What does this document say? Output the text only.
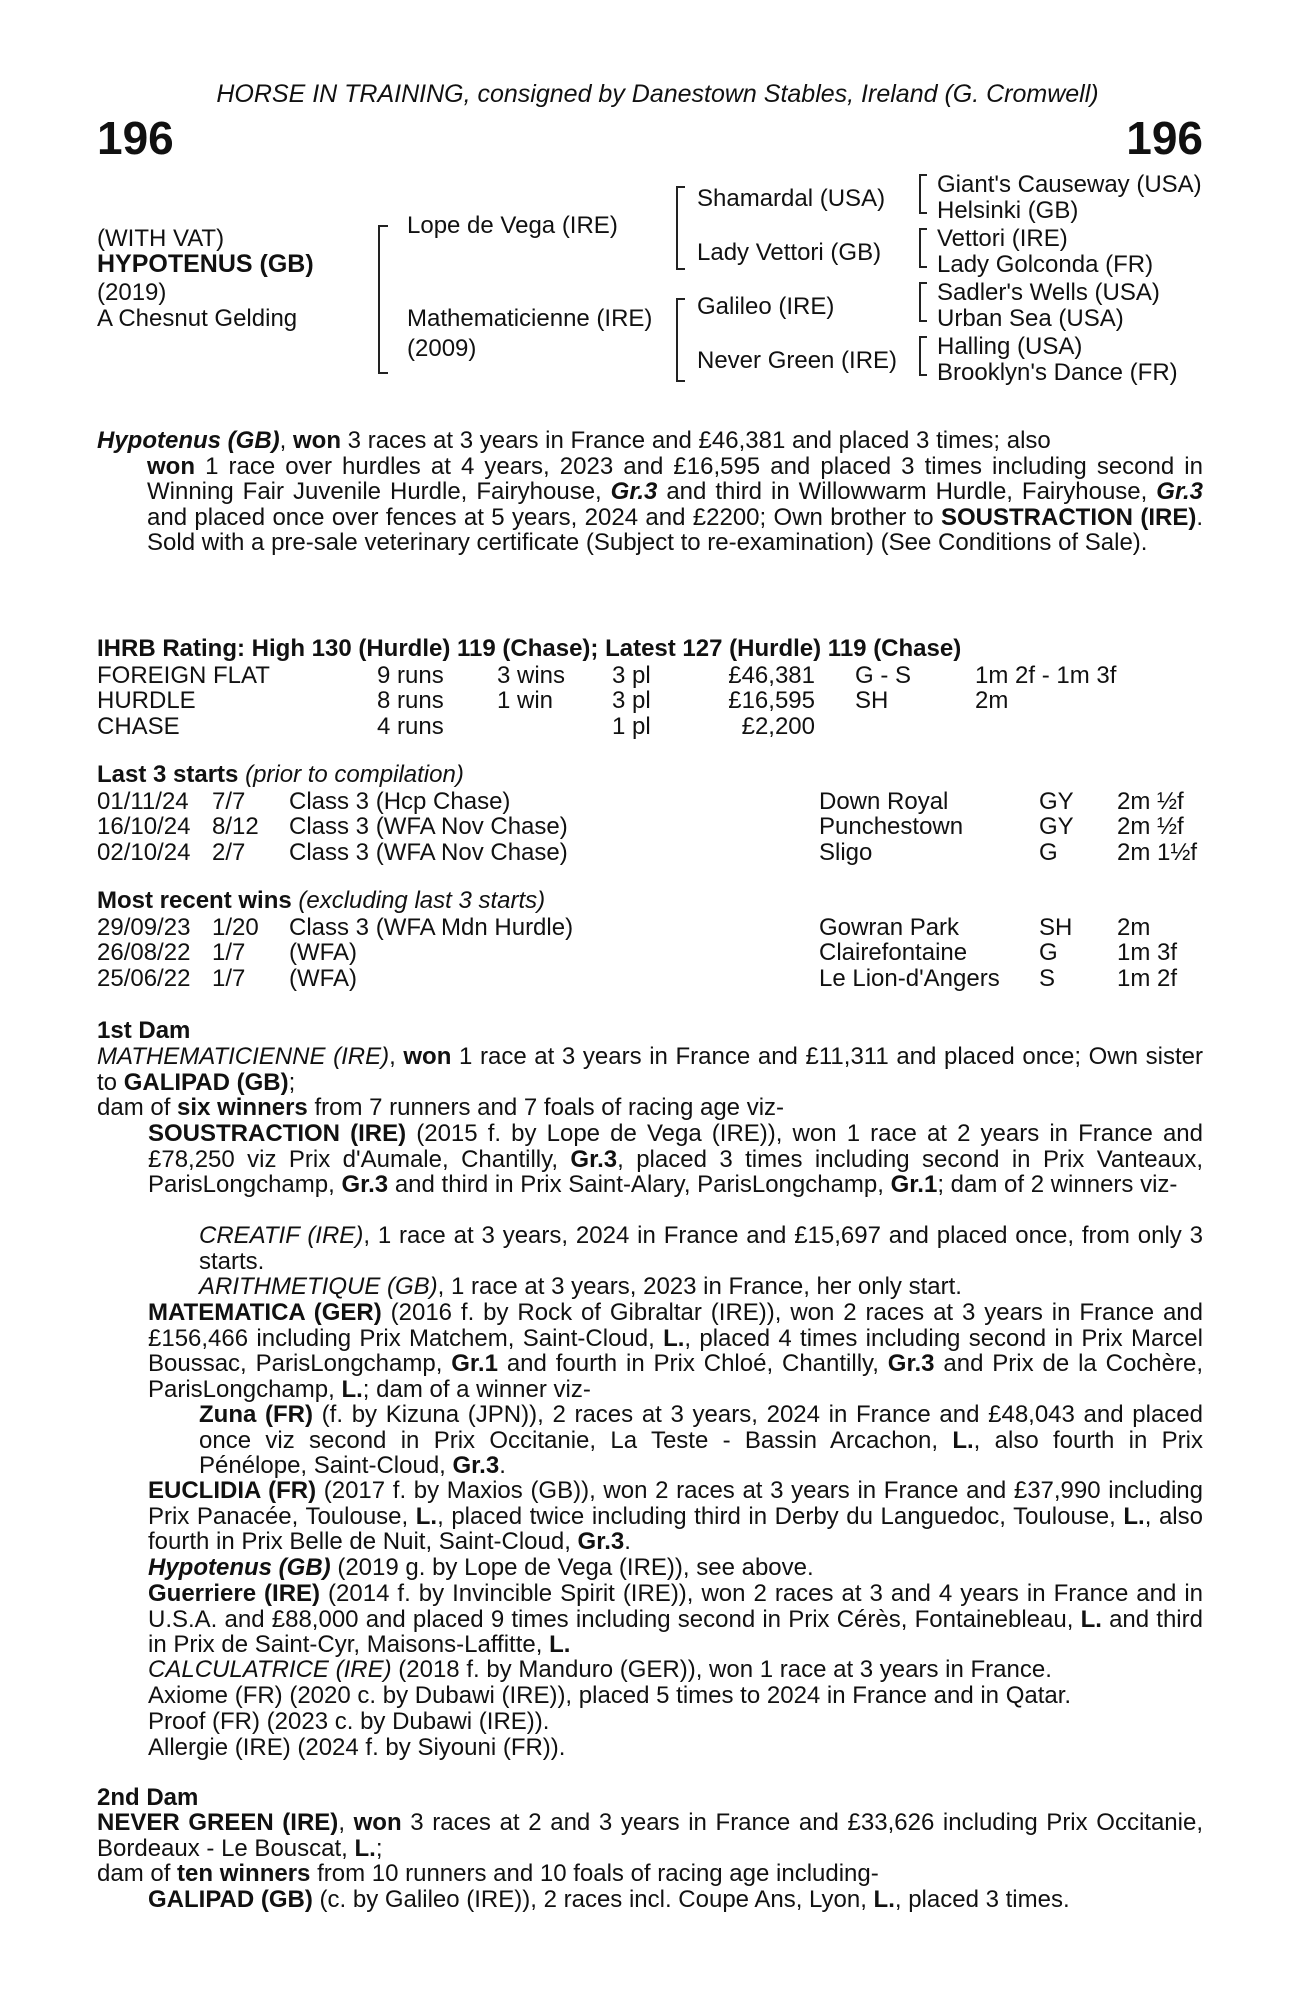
HORSE IN TRAINING, consigned by Danestown Stables, Ireland (G. Cromwell)
196	196
(WITH VAT)
HYPOTENUS (GB)
(2019)
A Chesnut Gelding
Lope de Vega (IRE)
Mathematicienne (IRE)
(2009)
Shamardal (USA)
Lady Vettori (GB)
Galileo (IRE)
Never Green (IRE)
Giant's Causeway (USA)
Helsinki (GB)
Vettori (IRE)
Lady Golconda (FR)
Sadler's Wells (USA)
Urban Sea (USA)
Halling (USA)
Brooklyn's Dance (FR)
Hypotenus (GB), won 3 races at 3 years in France and £46,381 and placed 3 times; also
won 1 race over hurdles at 4 years, 2023 and £16,595 and placed 3 times including second in Winning Fair Juvenile Hurdle, Fairyhouse, Gr.3 and third in Willowwarm Hurdle, Fairyhouse, Gr.3 and placed once over fences at 5 years, 2024 and £2200; Own brother to SOUSTRACTION (IRE). Sold with a pre-sale veterinary certificate (Subject to re-examination) (See Conditions of Sale).
IHRB Rating: High 130 (Hurdle) 119 (Chase); Latest 127 (Hurdle) 119 (Chase)
FOREIGN FLAT	9 runs 3 wins 3 pl	£46,381 G - S	1m 2f - 1m 3f
HURDLE	8 runs 1 win 3 pl	£16,595 SH	2m
CHASE	4 runs	1 pl	£2,200
Last 3 starts (prior to compilation)
01/11/24 7/7 Class 3 (Hcp Chase)	Down Royal	GY 2m ½f
16/10/24 8/12 Class 3 (WFA Nov Chase)	Punchestown	GY 2m ½f
02/10/24 2/7 Class 3 (WFA Nov Chase)	Sligo	G 2m 1½f
Most recent wins (excluding last 3 starts)
29/09/23 1/20 Class 3 (WFA Mdn Hurdle)	Gowran Park	SH 2m
26/08/22 1/7 (WFA)	Clairefontaine	G 1m 3f
25/06/22 1/7 (WFA)	Le Lion-d'Angers S	1m 2f
1st Dam
MATHEMATICIENNE (IRE), won 1 race at 3 years in France and £11,311 and placed once; Own sister to GALIPAD (GB);
dam of six winners from 7 runners and 7 foals of racing age viz-
SOUSTRACTION (IRE) (2015 f. by Lope de Vega (IRE)), won 1 race at 2 years in France and £78,250 viz Prix d'Aumale, Chantilly, Gr.3, placed 3 times including second in Prix Vanteaux, ParisLongchamp, Gr.3 and third in Prix Saint-Alary, ParisLongchamp, Gr.1; dam of 2 winners viz-
CREATIF (IRE), 1 race at 3 years, 2024 in France and £15,697 and placed once, from only 3 starts.
ARITHMETIQUE (GB), 1 race at 3 years, 2023 in France, her only start.
MATEMATICA (GER) (2016 f. by Rock of Gibraltar (IRE)), won 2 races at 3 years in France and £156,466 including Prix Matchem, Saint-Cloud, L., placed 4 times including second in Prix Marcel Boussac, ParisLongchamp, Gr.1 and fourth in Prix Chloé, Chantilly, Gr.3 and Prix de la Cochère, ParisLongchamp, L.; dam of a winner viz-
Zuna (FR) (f. by Kizuna (JPN)), 2 races at 3 years, 2024 in France and £48,043 and placed once viz second in Prix Occitanie, La Teste - Bassin Arcachon, L., also fourth in Prix Pénélope, Saint-Cloud, Gr.3.
EUCLIDIA (FR) (2017 f. by Maxios (GB)), won 2 races at 3 years in France and £37,990 including Prix Panacée, Toulouse, L., placed twice including third in Derby du Languedoc, Toulouse, L., also fourth in Prix Belle de Nuit, Saint-Cloud, Gr.3.
Hypotenus (GB) (2019 g. by Lope de Vega (IRE)), see above.
Guerriere (IRE) (2014 f. by Invincible Spirit (IRE)), won 2 races at 3 and 4 years in France and in U.S.A. and £88,000 and placed 9 times including second in Prix Cérès, Fontainebleau, L. and third in Prix de Saint-Cyr, Maisons-Laffitte, L.
CALCULATRICE (IRE) (2018 f. by Manduro (GER)), won 1 race at 3 years in France.
Axiome (FR) (2020 c. by Dubawi (IRE)), placed 5 times to 2024 in France and in Qatar.
Proof (FR) (2023 c. by Dubawi (IRE)).
Allergie (IRE) (2024 f. by Siyouni (FR)).
2nd Dam
NEVER GREEN (IRE), won 3 races at 2 and 3 years in France and £33,626 including Prix Occitanie, Bordeaux - Le Bouscat, L.;
dam of ten winners from 10 runners and 10 foals of racing age including-
GALIPAD (GB) (c. by Galileo (IRE)), 2 races incl. Coupe Ans, Lyon, L., placed 3 times.
